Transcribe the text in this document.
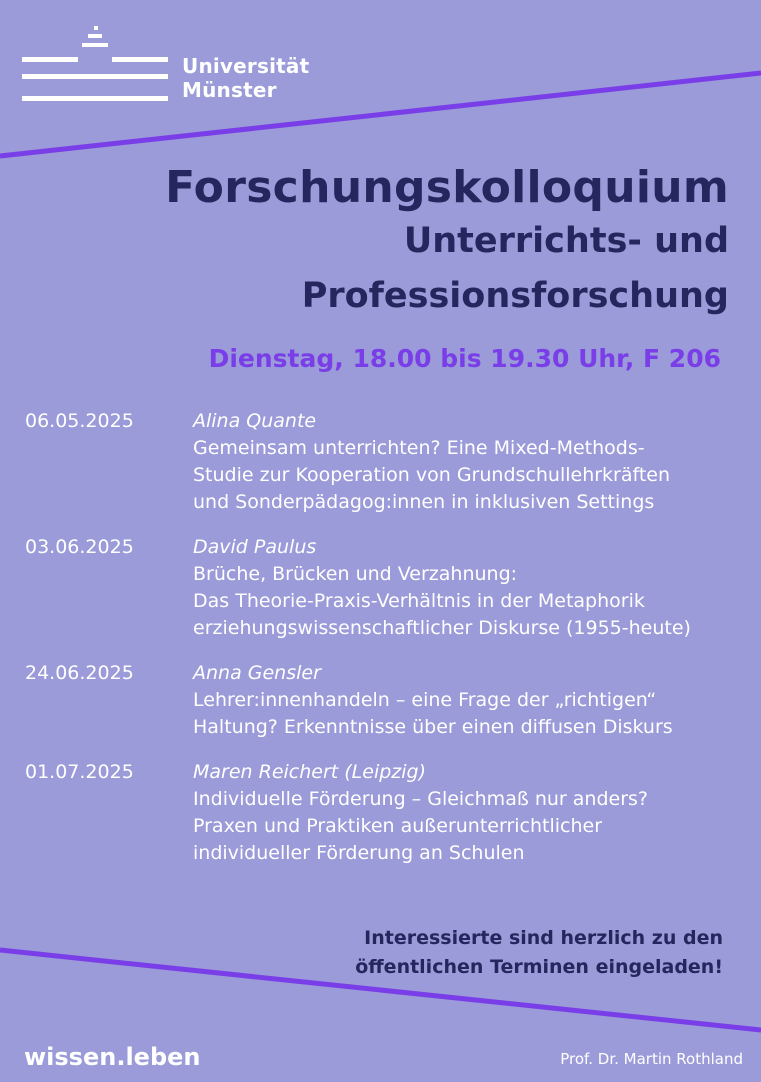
Universität
Münster
Forschungskolloquium
Unterrichts- und
Professionsforschung
Dienstag, 18.00 bis 19.30 Uhr, F 206
06.05.2025	Alina Quante
Gemeinsam unterrichten? Eine Mixed-Methods-
Studie zur Kooperation von Grundschullehrkräften
und Sonderpädagog:innen in inklusiven Settings
03.06.2025	David Paulus
Brüche, Brücken und Verzahnung:
Das Theorie-Praxis-Verhältnis in der Metaphorik
erziehungswissenschaftlicher Diskurse (1955-heute)
24.06.2025	Anna Gensler
Lehrer:innenhandeln – eine Frage der „richtigen“
Haltung? Erkenntnisse über einen diffusen Diskurs
01.07.2025	Maren Reichert (Leipzig)
Individuelle Förderung – Gleichmaß nur anders?
Praxen und Praktiken außerunterrichtlicher
individueller Förderung an Schulen
Interessierte sind herzlich zu den
öffentlichen Terminen eingeladen!
wissen.leben	Prof. Dr. Martin Rothland
